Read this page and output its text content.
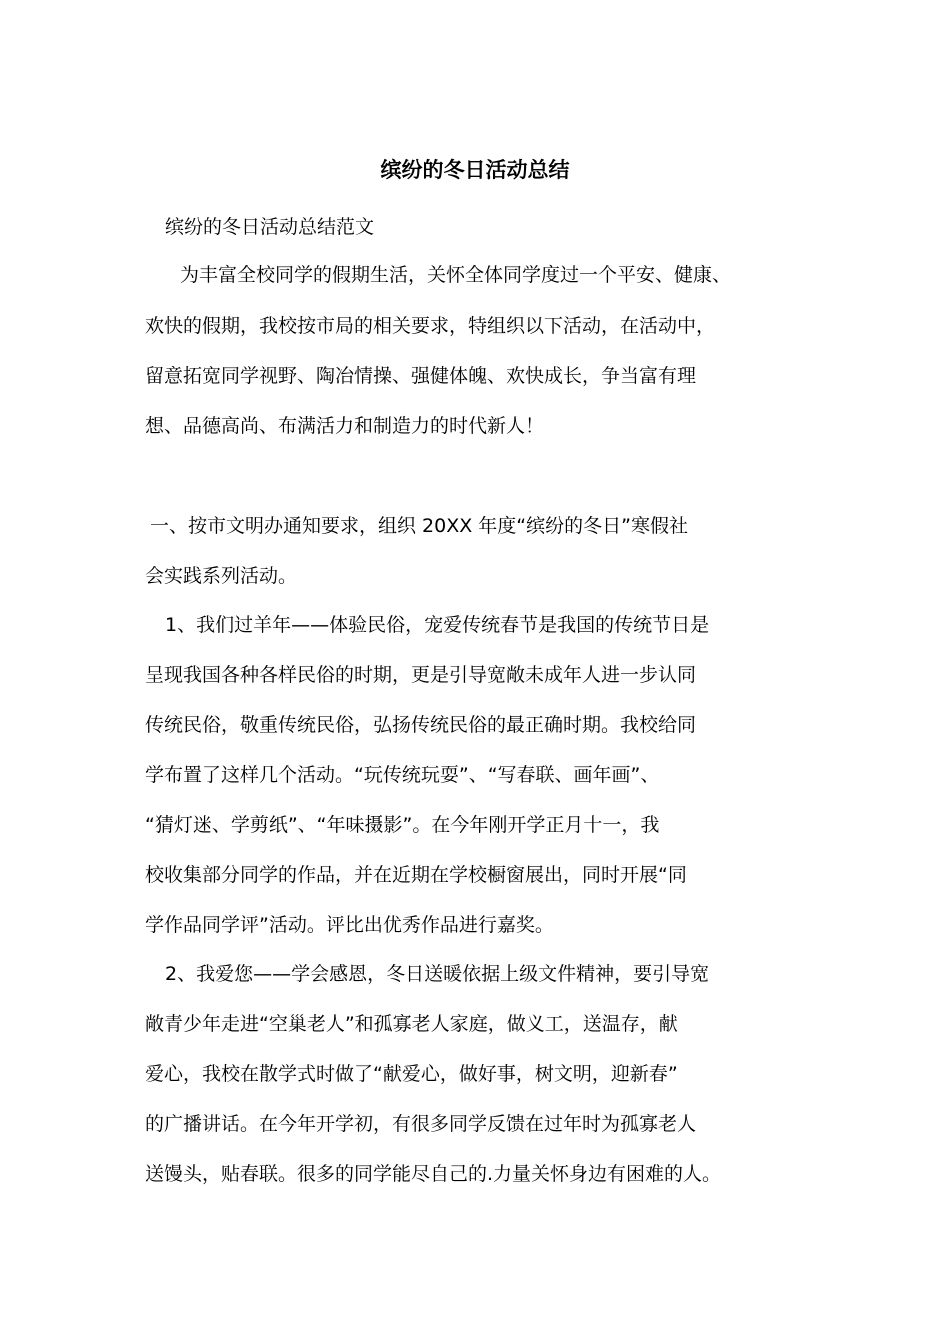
缤纷的冬日活动总结

缤纷的冬日活动总结范文

为丰富全校同学的假期生活，关怀全体同学度过一个平安、健康、

欢快的假期，我校按市局的相关要求，特组织以下活动，在活动中，

留意拓宽同学视野、陶冶情操、强健体魄、欢快成长，争当富有理

想、品德高尚、布满活力和制造力的时代新人！

一、按市文明办通知要求，组织 20XX 年度“缤纷的冬日”寒假社

会实践系列活动。

1、我们过羊年——体验民俗，宠爱传统春节是我国的传统节日是

呈现我国各种各样民俗的时期，更是引导宽敞未成年人进一步认同

传统民俗，敬重传统民俗，弘扬传统民俗的最正确时期。我校给同

学布置了这样几个活动。“玩传统玩耍”、“写春联、画年画”、

“猜灯迷、学剪纸”、“年味摄影”。在今年刚开学正月十一，我

校收集部分同学的作品，并在近期在学校橱窗展出，同时开展“同

学作品同学评”活动。评比出优秀作品进行嘉奖。

2、我爱您——学会感恩，冬日送暖依据上级文件精神，要引导宽

敞青少年走进“空巢老人”和孤寡老人家庭，做义工，送温存，献

爱心，我校在散学式时做了“献爱心，做好事，树文明，迎新春”

的广播讲话。在今年开学初，有很多同学反馈在过年时为孤寡老人

送馒头，贴春联。很多的同学能尽自己的.力量关怀身边有困难的人。
